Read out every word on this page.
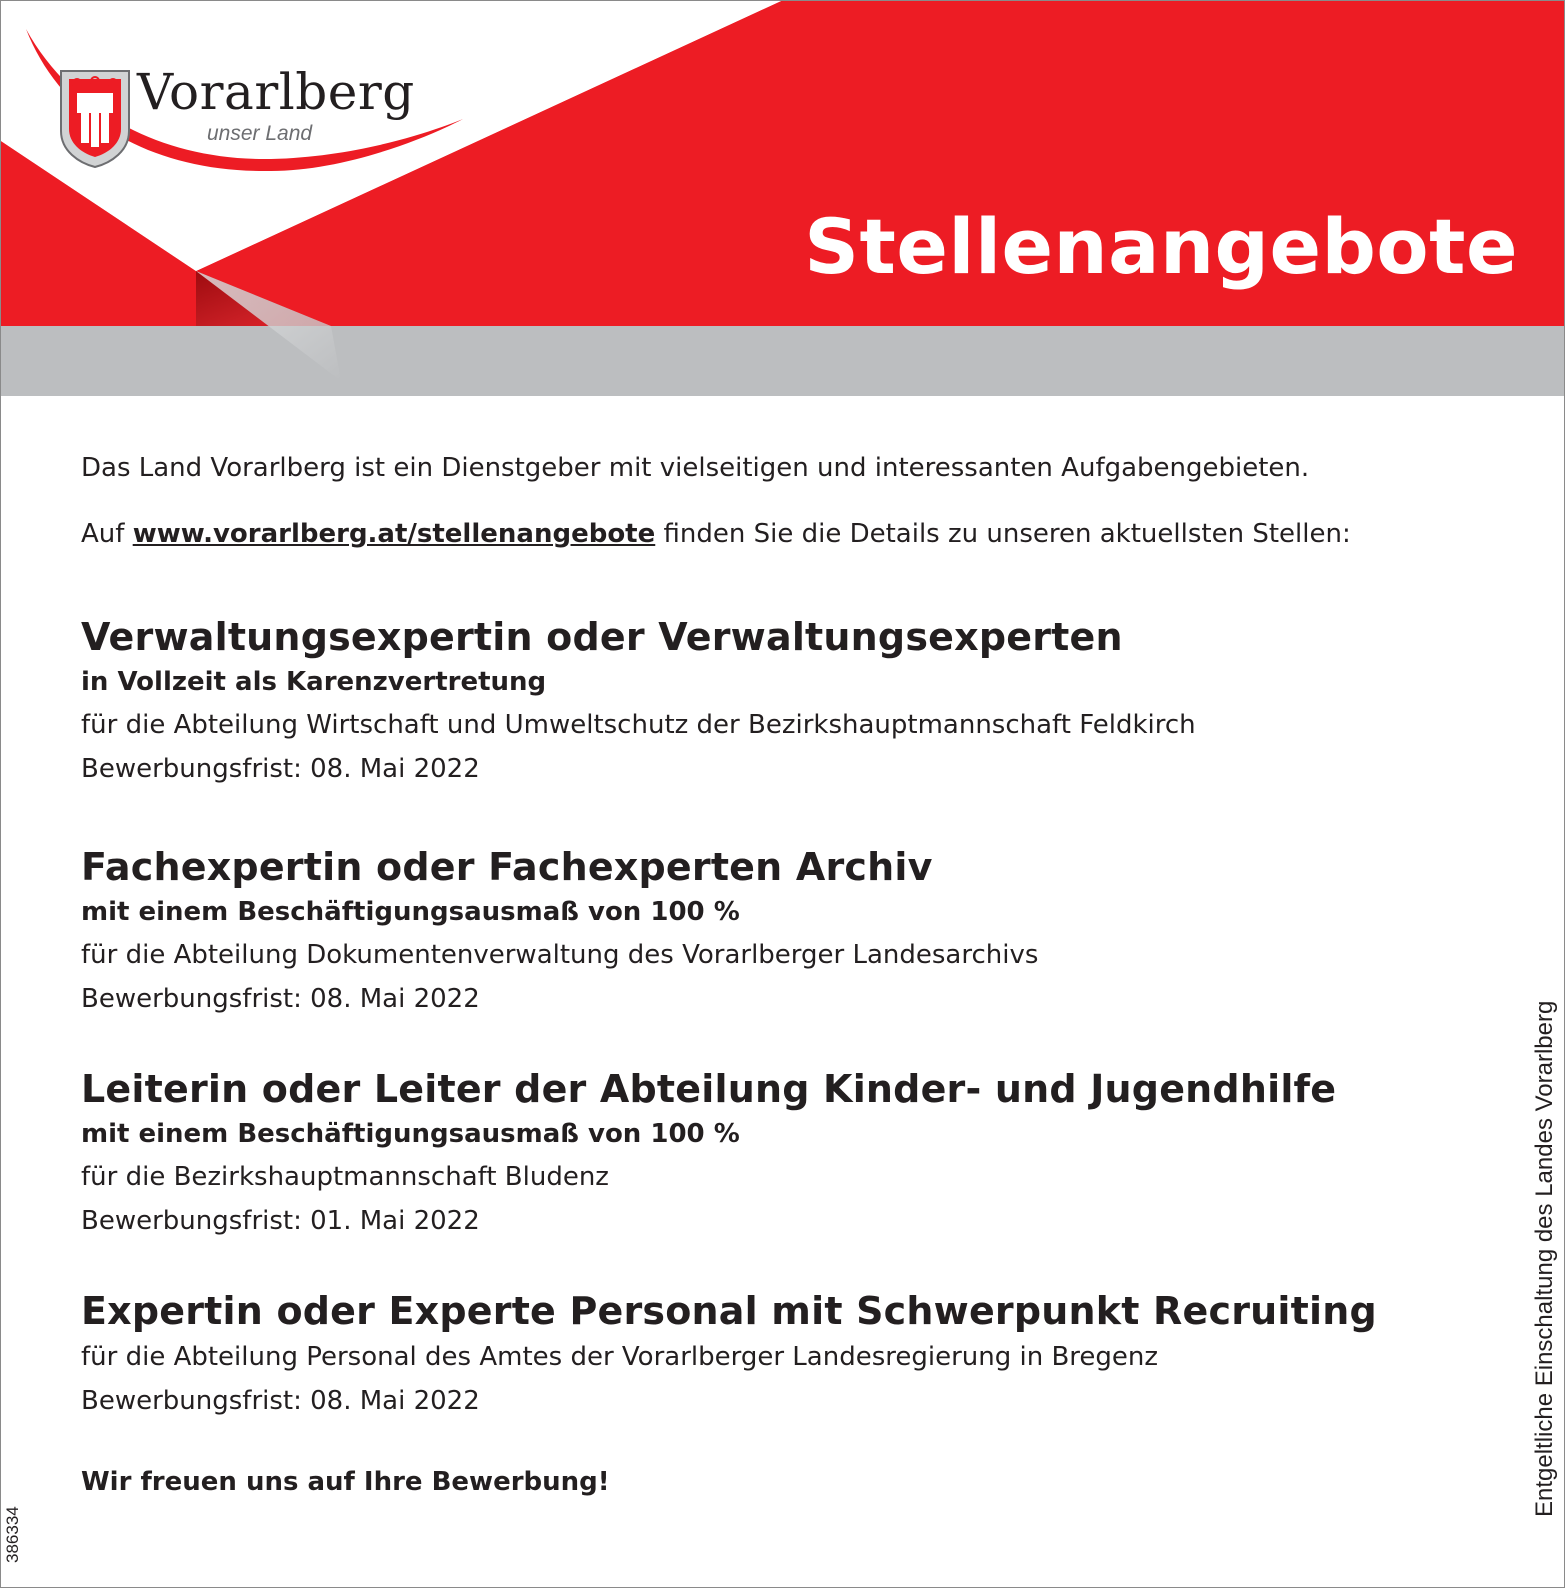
Vorarlberg
unser Land
Stellenangebote

Das Land Vorarlberg ist ein Dienstgeber mit vielseitigen und interessanten Aufgabengebieten.

Auf www.vorarlberg.at/stellenangebote finden Sie die Details zu unseren aktuellsten Stellen:

Verwaltungsexpertin oder Verwaltungsexperten

in Vollzeit als Karenzvertretung

für die Abteilung Wirtschaft und Umweltschutz der Bezirkshauptmannschaft Feldkirch

Bewerbungsfrist: 08. Mai 2022

Fachexpertin oder Fachexperten Archiv

mit einem Beschäftigungsausmaß von 100 %

für die Abteilung Dokumentenverwaltung des Vorarlberger Landesarchivs

Bewerbungsfrist: 08. Mai 2022

Leiterin oder Leiter der Abteilung Kinder- und Jugendhilfe

mit einem Beschäftigungsausmaß von 100 %

für die Bezirkshauptmannschaft Bludenz

Bewerbungsfrist: 01. Mai 2022

Expertin oder Experte Personal mit Schwerpunkt Recruiting

für die Abteilung Personal des Amtes der Vorarlberger Landesregierung in Bregenz

Bewerbungsfrist: 08. Mai 2022

Wir freuen uns auf Ihre Bewerbung!	Entgeltliche Einschaltung des Landes Vorarlberg
386334
